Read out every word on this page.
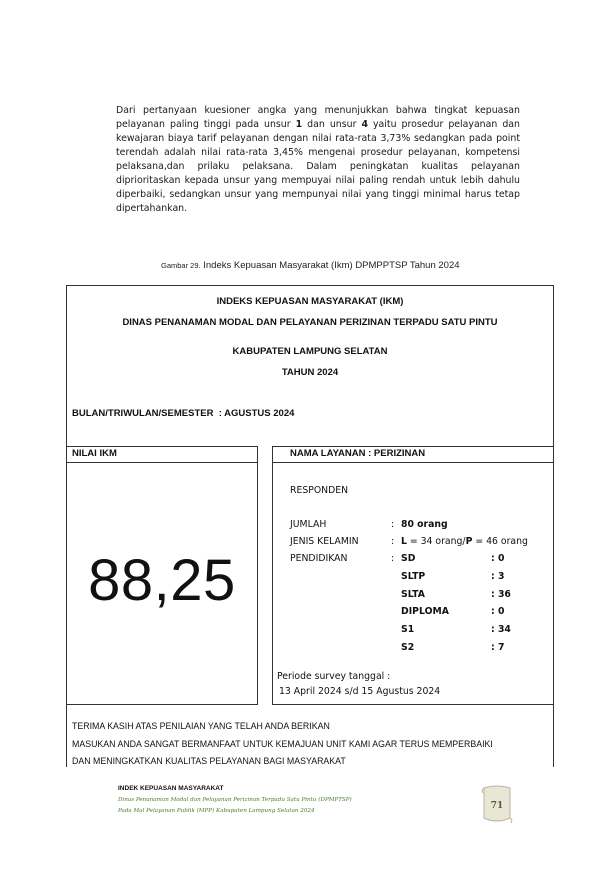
Dari pertanyaan kuesioner angka yang menunjukkan bahwa tingkat kepuasan pelayanan paling tinggi pada unsur 1 dan unsur 4 yaitu prosedur pelayanan dan kewajaran biaya tarif pelayanan dengan nilai rata-rata 3,73% sedangkan pada point terendah adalah nilai rata-rata 3,45% mengenai prosedur pelayanan, kompetensi pelaksana,dan prilaku pelaksana. Dalam peningkatan kualitas pelayanan diprioritaskan kepada unsur yang mempuyai nilai paling rendah untuk lebih dahulu diperbaiki, sedangkan unsur yang mempunyai nilai yang tinggi minimal harus tetap dipertahankan.
Gambar 29. Indeks Kepuasan Masyarakat (Ikm) DPMPPTSP Tahun 2024
INDEKS KEPUASAN MASYARAKAT (IKM)
DINAS PENANAMAN MODAL DAN PELAYANAN PERIZINAN TERPADU SATU PINTU
KABUPATEN LAMPUNG SELATAN
TAHUN 2024
BULAN/TRIWULAN/SEMESTER : AGUSTUS 2024
NILAI IKM
88,25
NAMA LAYANAN : PERIZINAN
RESPONDEN
JUMLAH	: 80 orang
JENIS KELAMIN	: L = 34 orang/P = 46 orang
PENDIDIKAN	: SD	: 0
SLTP	: 3
SLTA	: 36
DIPLOMA	: 0
S1	: 34
S2	: 7
Periode survey tanggal :
13 April 2024 s/d 15 Agustus 2024
TERIMA KASIH ATAS PENILAIAN YANG TELAH ANDA BERIKAN
MASUKAN ANDA SANGAT BERMANFAAT UNTUK KEMAJUAN UNIT KAMI AGAR TERUS MEMPERBAIKI
DAN MENINGKATKAN KUALITAS PELAYANAN BAGI MASYARAKAT
INDEK KEPUASAN MASYARAKAT
Dinas Penanaman Modal dan Pelayanan Perizinan Terpadu Satu Pintu (DPMPTSP)
Pada Mal Pelayanan Publik (MPP) Kabupaten Lampung Selatan 2024	71
